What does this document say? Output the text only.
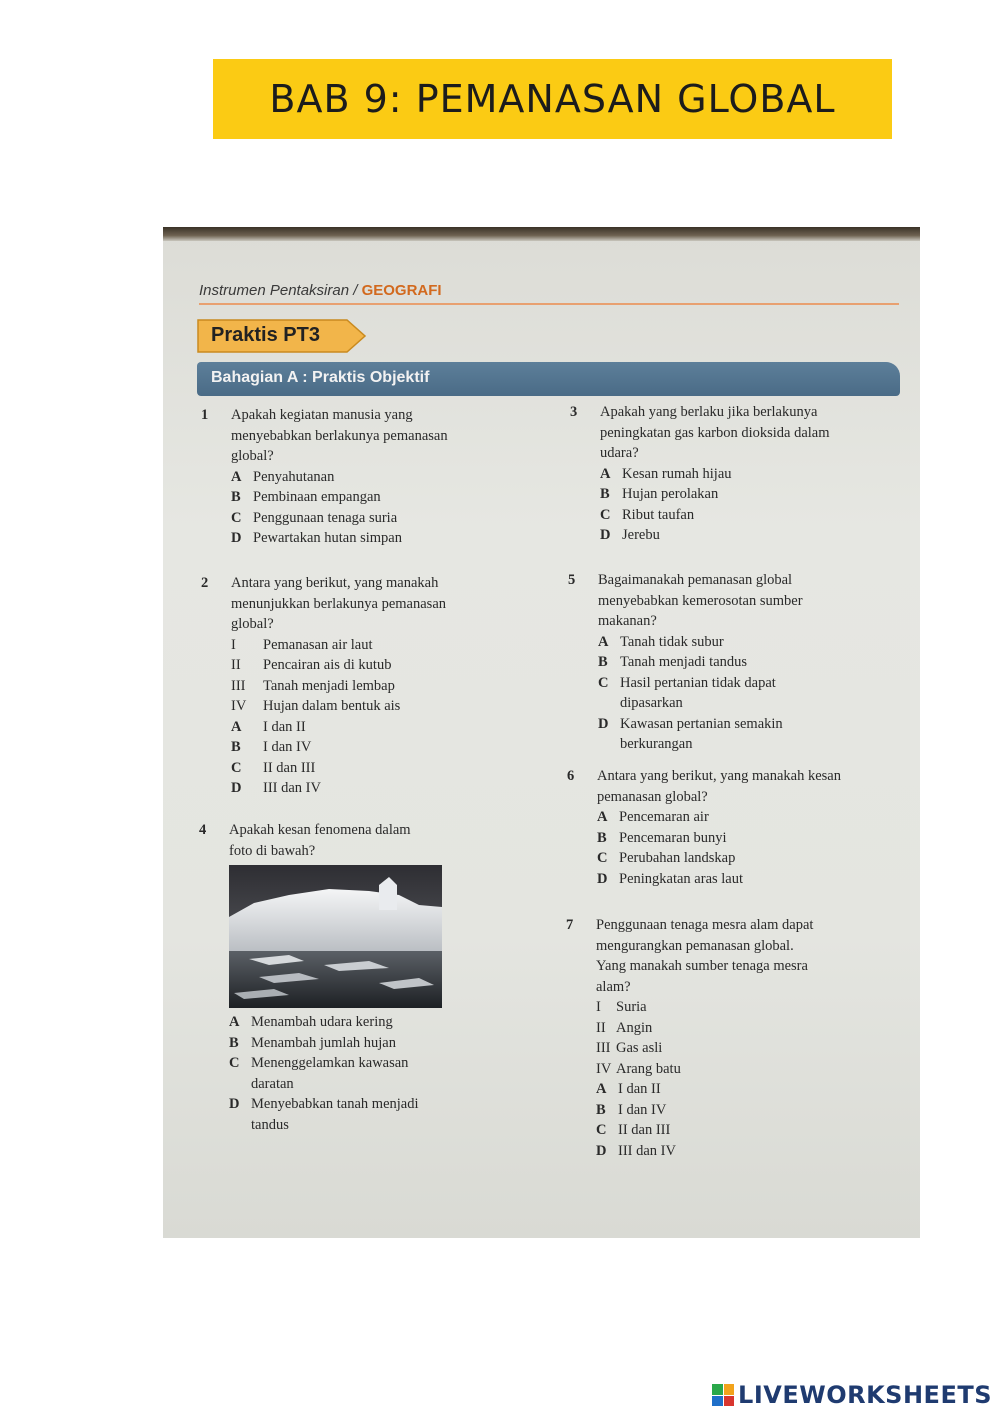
BAB 9: PEMANASAN GLOBAL
Instrumen Pentaksiran / GEOGRAFI
Praktis PT3
Bahagian A : Praktis Objektif
1 Apakah kegiatan manusia yang
menyebabkan berlakunya pemanasan
global?
A Penyahutanan
B Pembinaan empangan
C Penggunaan tenaga suria
D Pewartakan hutan simpan
2 Antara yang berikut, yang manakah
menunjukkan berlakunya pemanasan
global?
I	Pemanasan air laut
II	Pencairan ais di kutub
III	Tanah menjadi lembap
IV	Hujan dalam bentuk ais
A	I dan II
B	I dan IV
C	II dan III
D	III dan IV
4 Apakah kesan fenomena dalam
foto di bawah?
A Menambah udara kering
B Menambah jumlah hujan
C Menenggelamkan kawasan
daratan
D Menyebabkan tanah menjadi
tandus
3 Apakah yang berlaku jika berlakunya
peningkatan gas karbon dioksida dalam
udara?
A Kesan rumah hijau
B Hujan perolakan
C Ribut taufan
D Jerebu
5 Bagaimanakah pemanasan global
menyebabkan kemerosotan sumber
makanan?
A Tanah tidak subur
B Tanah menjadi tandus
C Hasil pertanian tidak dapat
dipasarkan
D Kawasan pertanian semakin
berkurangan
6 Antara yang berikut, yang manakah kesan
pemanasan global?
A Pencemaran air
B Pencemaran bunyi
C Perubahan landskap
D Peningkatan aras laut
7 Penggunaan tenaga mesra alam dapat
mengurangkan pemanasan global.
Yang manakah sumber tenaga mesra
alam?
I	Suria
II Angin
III Gas asli
IV Arang batu
A I dan II
B I dan IV
C II dan III
D III dan IV
LIVEWORKSHEETS
